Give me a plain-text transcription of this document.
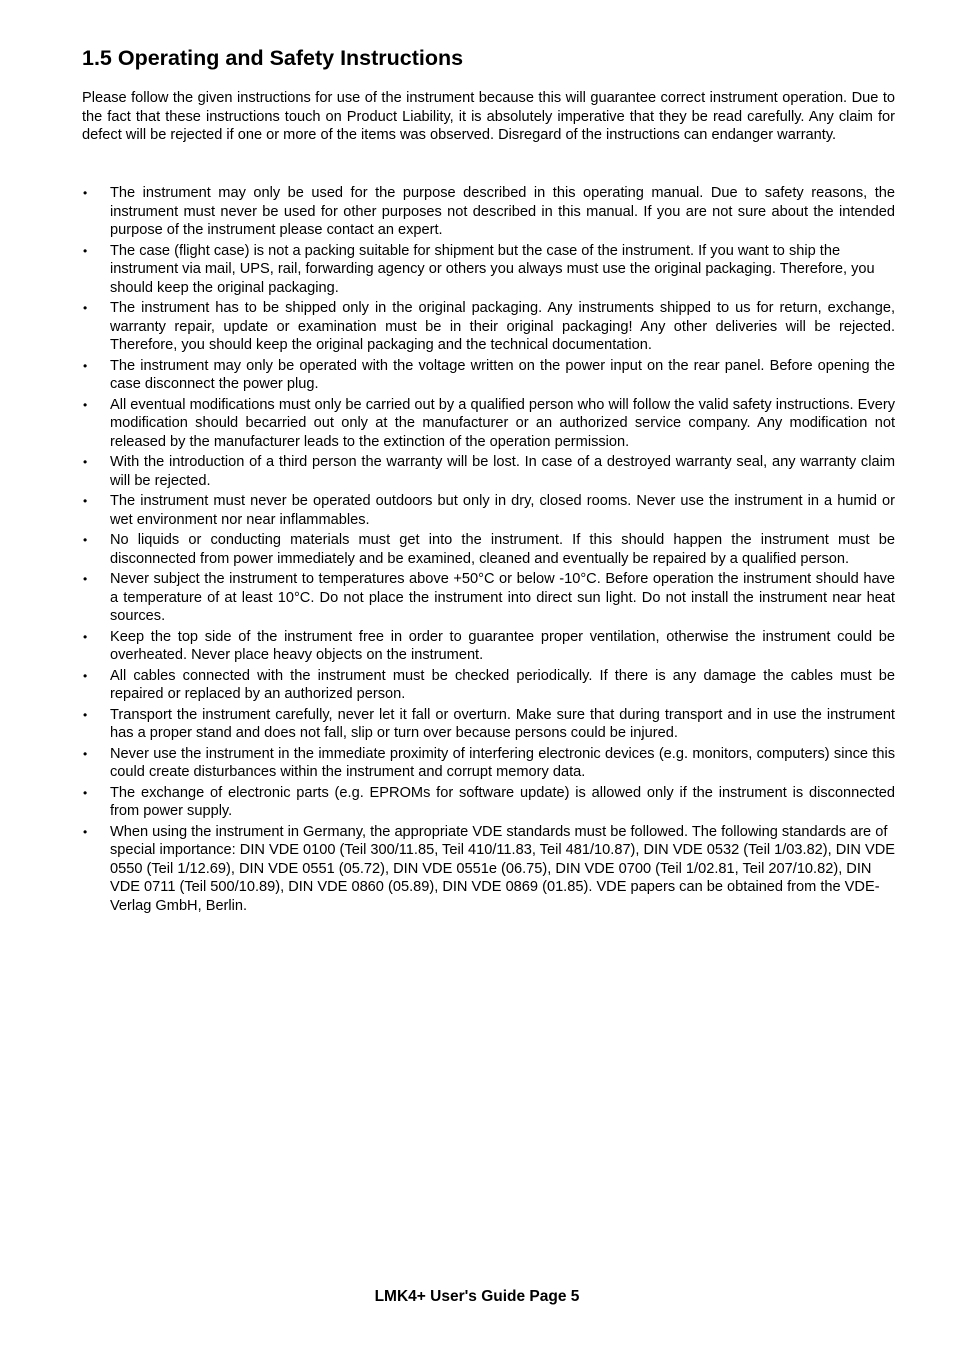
1.5 Operating and Safety Instructions

Please follow the given instructions for use of the instrument because this will guarantee correct instrument operation. Due to the fact that these instructions touch on Product Liability, it is absolutely imperative that they be read carefully. Any claim for defect will be rejected if one or more of the items was observed. Disregard of the instructions can endanger warranty.

•	The instrument may only be used for the purpose described in this operating manual. Due to safety reasons, the instrument must never be used for other purposes not described in this manual. If you are not sure about the intended purpose of the instrument please contact an expert.
•	The case (flight case) is not a packing suitable for shipment but the case of the instrument. If you want to ship the instrument via mail, UPS, rail, forwarding agency or others you always must use the original packaging. Therefore, you should keep the original packaging.
•	The instrument has to be shipped only in the original packaging. Any instruments shipped to us for return, exchange, warranty repair, update or examination must be in their original packaging! Any other deliveries will be rejected. Therefore, you should keep the original packaging and the technical documentation.
•	The instrument may only be operated with the voltage written on the power input on the rear panel. Before opening the case disconnect the power plug.
•	All eventual modifications must only be carried out by a qualified person who will follow the valid safety instructions. Every modification should becarried out only at the manufacturer or an authorized service company. Any modification not released by the manufacturer leads to the extinction of the operation permission.
•	With the introduction of a third person the warranty will be lost. In case of a destroyed warranty seal, any warranty claim will be rejected.
•	The instrument must never be operated outdoors but only in dry, closed rooms. Never use the instrument in a humid or wet environment nor near inflammables.
•	No liquids or conducting materials must get into the instrument. If this should happen the instrument must be disconnected from power immediately and be examined, cleaned and eventually be repaired by a qualified person.
•	Never subject the instrument to temperatures above +50°C or below -10°C. Before operation the instrument should have a temperature of at least 10°C. Do not place the instrument into direct sun light. Do not install the instrument near heat sources.
•	Keep the top side of the instrument free in order to guarantee proper ventilation, otherwise the instrument could be overheated. Never place heavy objects on the instrument.
•	All cables connected with the instrument must be checked periodically. If there is any damage the cables must be repaired or replaced by an authorized person.
•	Transport the instrument carefully, never let it fall or overturn. Make sure that during transport and in use the instrument has a proper stand and does not fall, slip or turn over because persons could be injured.
•	Never use the instrument in the immediate proximity of interfering electronic devices (e.g. monitors, computers) since this could create disturbances within the instrument and corrupt memory data.
•	The exchange of electronic parts (e.g. EPROMs for software update) is allowed only if the instrument is disconnected from power supply.
•	When using the instrument in Germany, the appropriate VDE standards must be followed. The following standards are of special importance: DIN VDE 0100 (Teil 300/11.85, Teil 410/11.83, Teil 481/10.87), DIN VDE 0532 (Teil 1/03.82), DIN VDE 0550 (Teil 1/12.69), DIN VDE 0551 (05.72), DIN VDE 0551e (06.75), DIN VDE 0700 (Teil 1/02.81, Teil 207/10.82), DIN VDE 0711 (Teil 500/10.89), DIN VDE 0860 (05.89), DIN VDE 0869 (01.85). VDE papers can be obtained from the VDE-Verlag GmbH, Berlin.
LMK4+ User's Guide Page 5
